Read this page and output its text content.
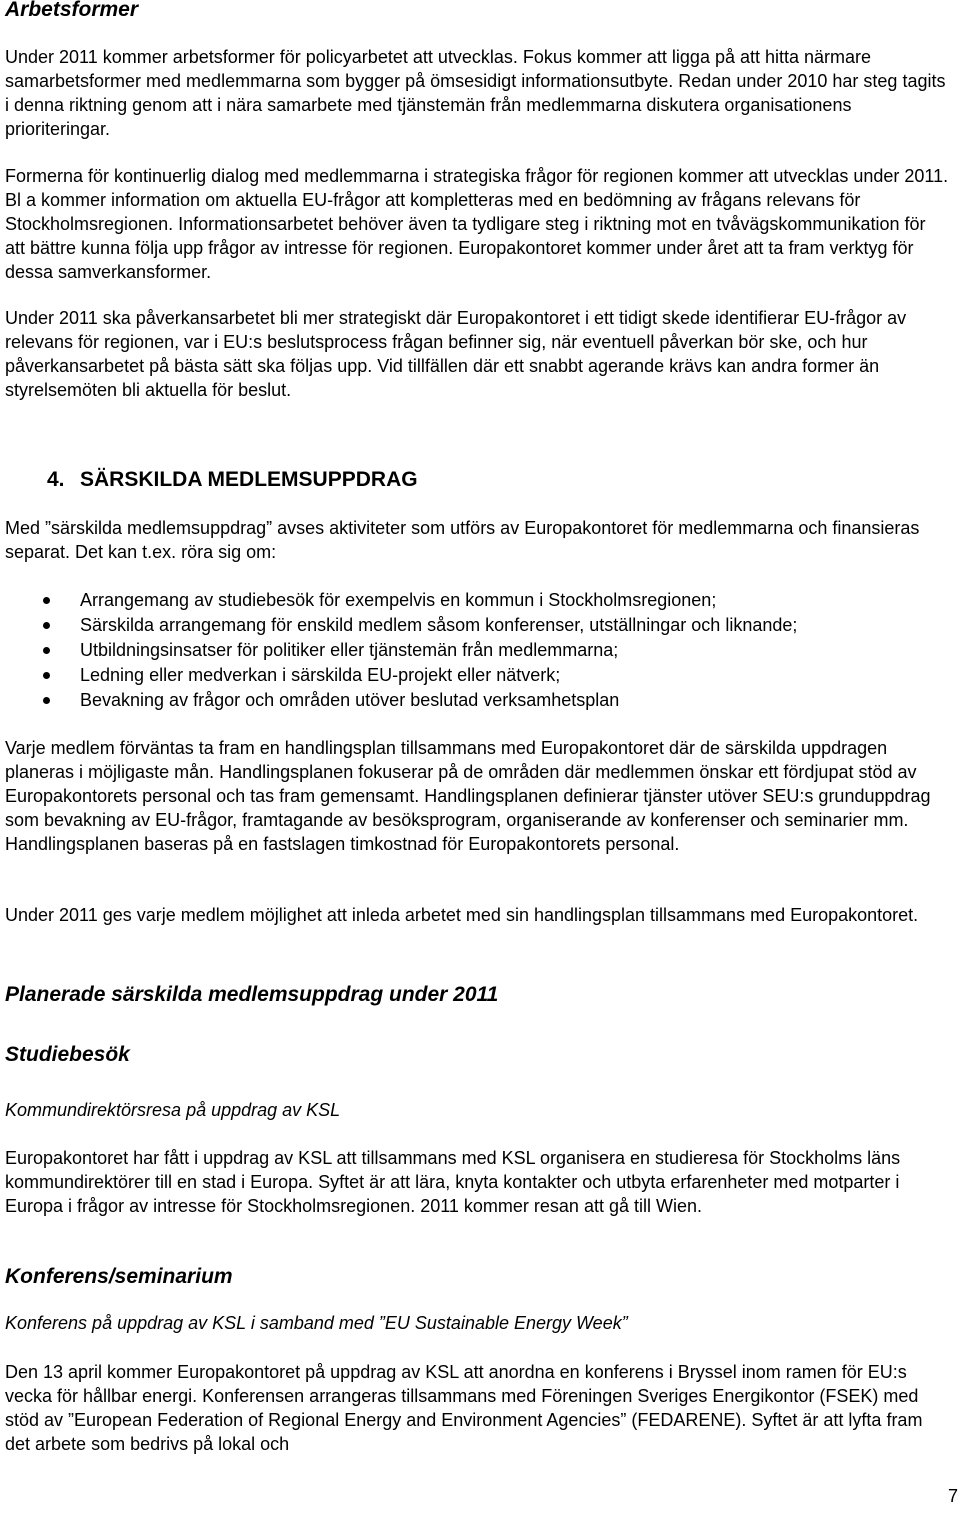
Arbetsformer

Under 2011 kommer arbetsformer för policyarbetet att utvecklas. Fokus kommer att ligga på att hitta närmare samarbetsformer med medlemmarna som bygger på ömsesidigt informationsutbyte. Redan under 2010 har steg tagits i denna riktning genom att i nära samarbete med tjänstemän från medlemmarna diskutera organisationens prioriteringar.

Formerna för kontinuerlig dialog med medlemmarna i strategiska frågor för regionen kommer att utvecklas under 2011. Bl a kommer information om aktuella EU-frågor att kompletteras med en bedömning av frågans relevans för Stockholmsregionen. Informationsarbetet behöver även ta tydligare steg i riktning mot en tvåvägskommunikation för att bättre kunna följa upp frågor av intresse för regionen. Europakontoret kommer under året att ta fram verktyg för dessa samverkansformer.

Under 2011 ska påverkansarbetet bli mer strategiskt där Europakontoret i ett tidigt skede identifierar EU-frågor av relevans för regionen, var i EU:s beslutsprocess frågan befinner sig, när eventuell påverkan bör ske, och hur påverkansarbetet på bästa sätt ska följas upp. Vid tillfällen där ett snabbt agerande krävs kan andra former än styrelsemöten bli aktuella för beslut.

4. SÄRSKILDA MEDLEMSUPPDRAG

Med ”särskilda medlemsuppdrag” avses aktiviteter som utförs av Europakontoret för medlemmarna och finansieras separat. Det kan t.ex. röra sig om:

Arrangemang av studiebesök för exempelvis en kommun i Stockholmsregionen;
Särskilda arrangemang för enskild medlem såsom konferenser, utställningar och liknande;
Utbildningsinsatser för politiker eller tjänstemän från medlemmarna;
Ledning eller medverkan i särskilda EU-projekt eller nätverk;
Bevakning av frågor och områden utöver beslutad verksamhetsplan

Varje medlem förväntas ta fram en handlingsplan tillsammans med Europakontoret där de särskilda uppdragen planeras i möjligaste mån. Handlingsplanen fokuserar på de områden där medlemmen önskar ett fördjupat stöd av Europakontorets personal och tas fram gemensamt. Handlingsplanen definierar tjänster utöver SEU:s grunduppdrag som bevakning av EU-frågor, framtagande av besöksprogram, organiserande av konferenser och seminarier mm. Handlingsplanen baseras på en fastslagen timkostnad för Europakontorets personal.

Under 2011 ges varje medlem möjlighet att inleda arbetet med sin handlingsplan tillsammans med Europakontoret.

Planerade särskilda medlemsuppdrag under 2011

Studiebesök

Kommundirektörsresa på uppdrag av KSL

Europakontoret har fått i uppdrag av KSL att tillsammans med KSL organisera en studieresa för Stockholms läns kommundirektörer till en stad i Europa. Syftet är att lära, knyta kontakter och utbyta erfarenheter med motparter i Europa i frågor av intresse för Stockholmsregionen. 2011 kommer resan att gå till Wien.

Konferens/seminarium

Konferens på uppdrag av KSL i samband med ”EU Sustainable Energy Week”

Den 13 april kommer Europakontoret på uppdrag av KSL att anordna en konferens i Bryssel inom ramen för EU:s vecka för hållbar energi. Konferensen arrangeras tillsammans med Föreningen Sveriges Energikontor (FSEK) med stöd av ”European Federation of Regional Energy and Environment Agencies” (FEDARENE). Syftet är att lyfta fram det arbete som bedrivs på lokal och

7
